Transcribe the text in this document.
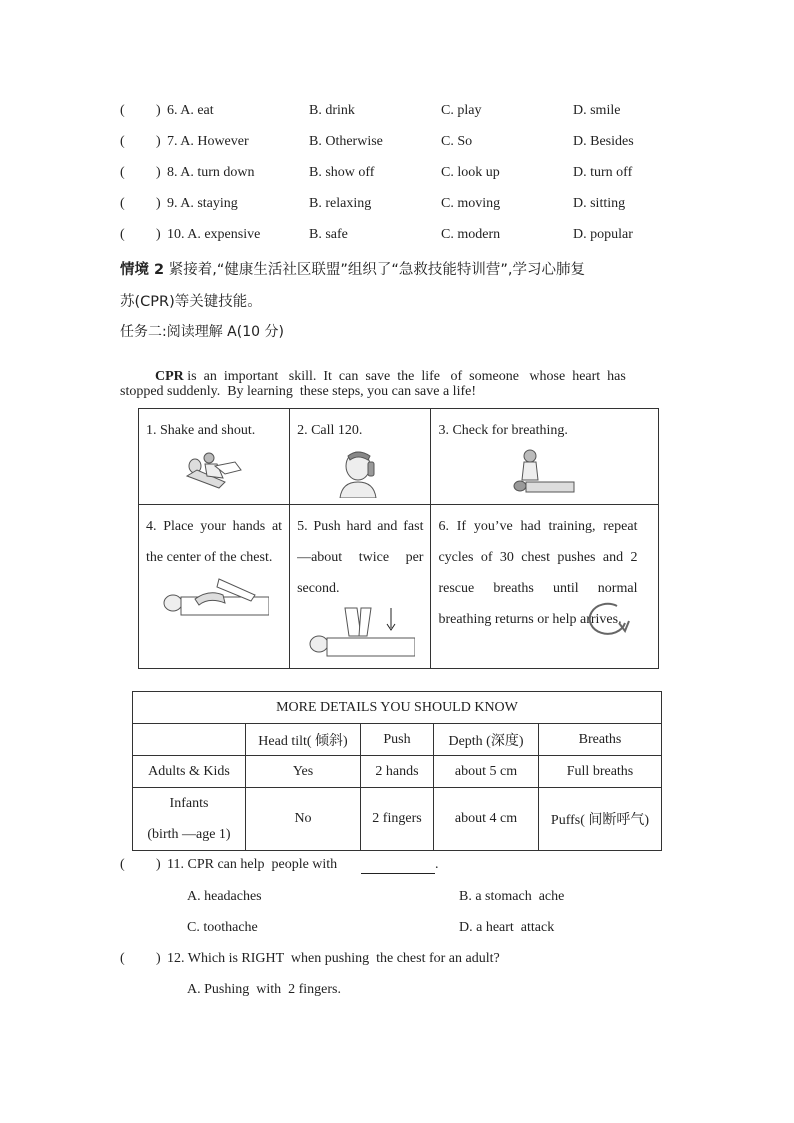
( ) 6. A. eat	B. drink	C. play	D. smile
( ) 7. A. However	B. Otherwise	C. So	D. Besides
( ) 8. A. turn down	B. show off	C. look up	D. turn off
( ) 9. A. staying	B. relaxing	C. moving	D. sitting
( ) 10. A. expensive	B. safe	C. modern	D. popular
情境 2 紧接着,“健康生活社区联盟”组织了“急救技能特训营”,学习心肺复
苏(CPR)等关键技能。
任务二:阅读理解 A(10 分)

CPR is  an  important   skill.  It  can  save  the  life   of  someone   whose  heart  has

stopped suddenly.  By learning  these steps, you can save a life!
1. Shake and shout.	2. Call 120.	3. Check for breathing.

4. Place your hands at the center of the chest.	5. Push hard and fast—about twice per second.	6. If you’ve had training, repeat cycles of 30 chest pushes and 2 rescue breaths until normal breathing returns or help arrives.
MORE DETAILS YOU SHOULD KNOW				
	Head tilt( 倾斜)	Push	Depth (深度)	Breaths
Adults & Kids	Yes	2 hands	about 5 cm	Full breaths
Infants
(birth —age 1)	No	2 fingers	about 4 cm	Puffs( 间断呼气)
( ) 11. CPR can help  people with	.
A. headaches	B. a stomach  ache
C. toothache	D. a heart  attack
( ) 12. Which is RIGHT  when pushing  the chest for an adult?
A. Pushing  with  2 fingers.
